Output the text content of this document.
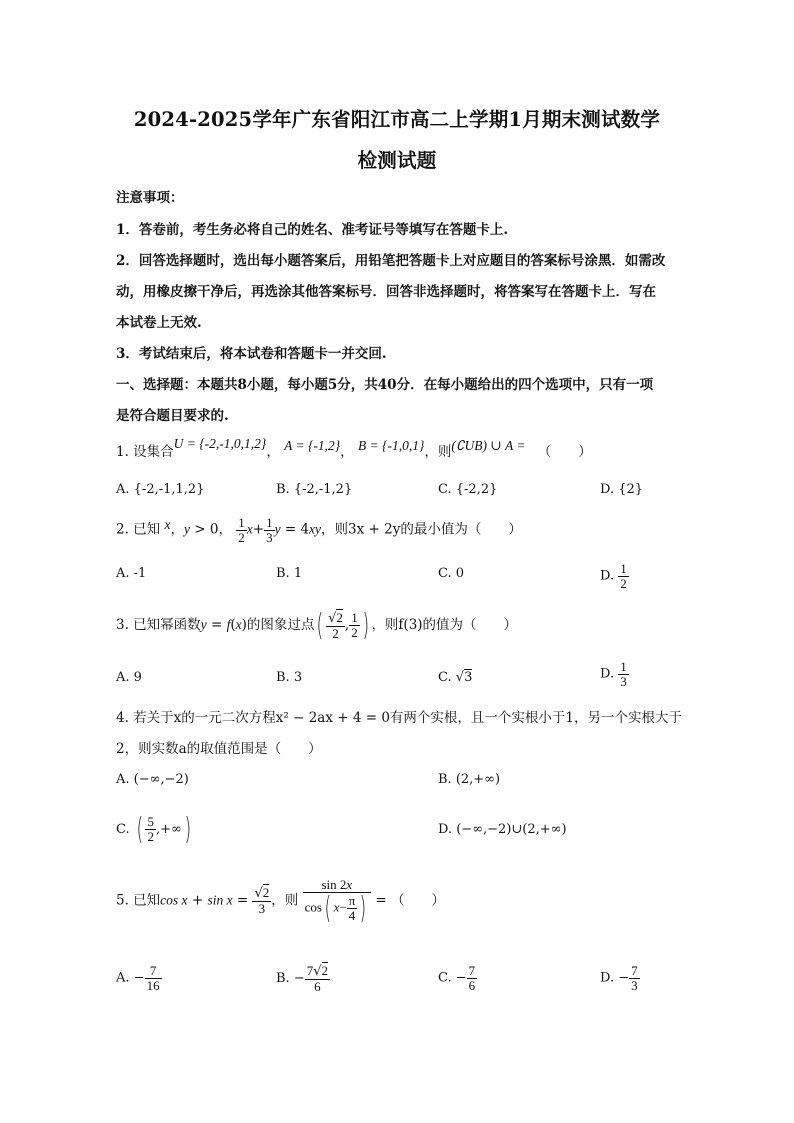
2024-2025学年广东省阳江市高二上学期1月期末测试数学
检测试题
注意事项：
1．答卷前，考生务必将自己的姓名、准考证号等填写在答题卡上.
2．回答选择题时，选出每小题答案后，用铅笔把答题卡上对应题目的答案标号涂黑．如需改
动，用橡皮擦干净后，再选涂其他答案标号．回答非选择题时，将答案写在答题卡上．写在
本试卷上无效.
3．考试结束后，将本试卷和答题卡一并交回.
一、选择题：本题共8小题，每小题5分，共40分．在每小题给出的四个选项中，只有一项
是符合题目要求的.
1. 设集合U = {-2,-1,0,1,2}， A = {-1,2}， B = {-1,0,1}，则(∁UB) ∪ A = （　　）
A. {-2,-1,1,2}	B. {-2,-1,2}	C. {-2,2}	D. {2}
2. 已知 x，y > 0， $\frac{1}{2} x+ \frac{1}{3}$ y = 4xy，则3x + 2y的最小值为（　　）
A. -1	B. 1	C. 0	D. $\frac{1}{2}$
3. 已知幂函数y = f(x)的图象过点( $\frac{√2}{2}$ , $\frac{1}{2}$ ) ，则f(3)的值为（　　）
A. 9	B. 3	C. √3	D. $\frac{1}{3}$
4. 若关于x的一元二次方程x² − 2ax + 4 = 0有两个实根，且一个实根小于1，另一个实根大于
2，则实数a的取值范围是（　　）
A. (−∞,−2)	B. (2,+∞)
C. ( $\frac{5}{2}$ ,+∞)	D. (−∞,−2)∪(2,+∞)
5. 已知$\cos x + \sin x = \frac{√2}{3}$ ，则 $\frac{\sin 2x}{\cos( x- \frac{\pi}{4} )}$ = （　　）
A. − $\frac{7}{16}$	B. − $\frac{7√2}{6}$	C. − $\frac{7}{6}$	D. − $\frac{7}{3}$
